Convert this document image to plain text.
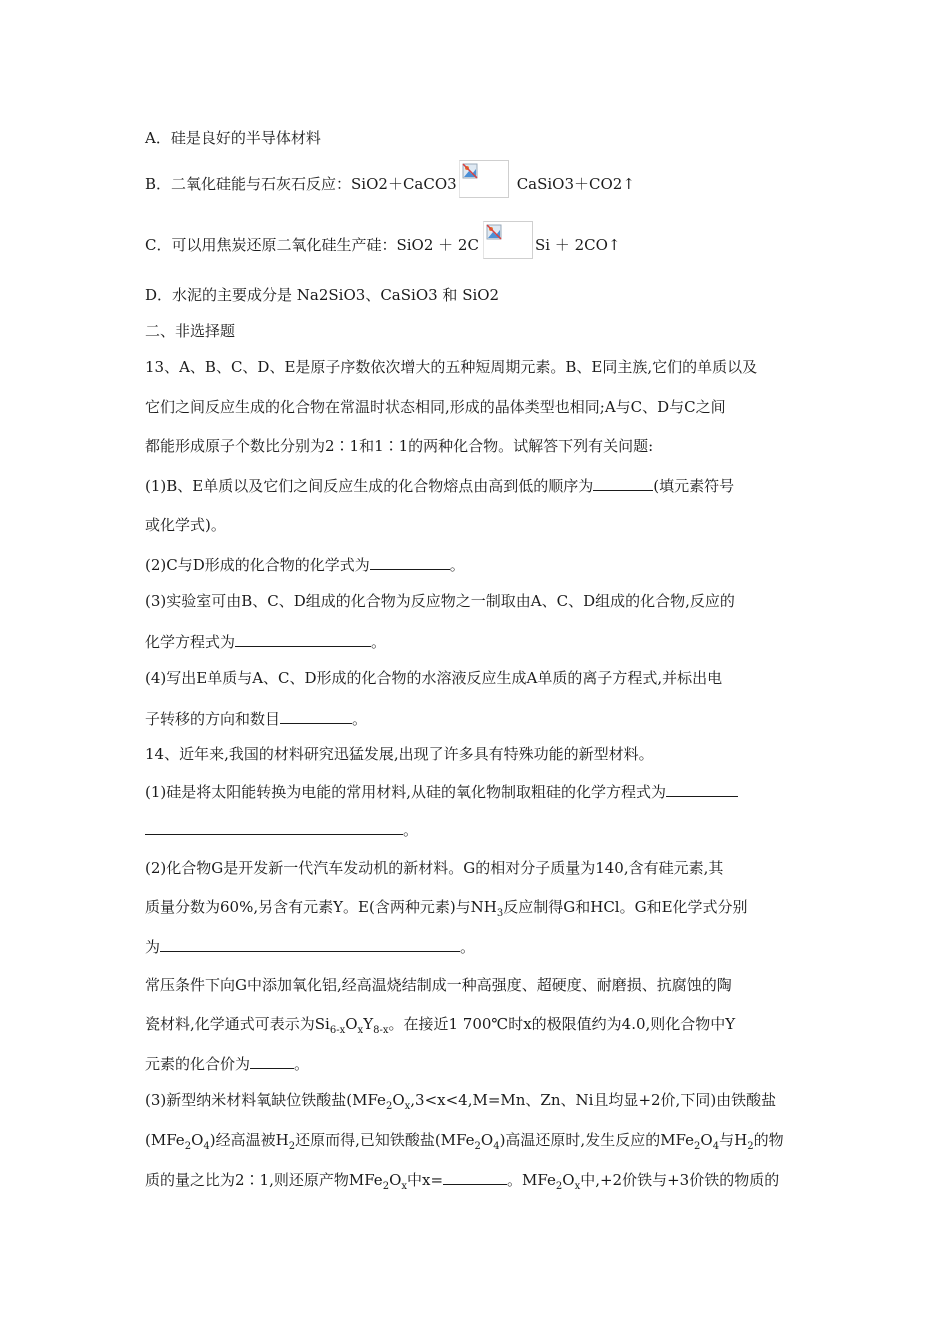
A．硅是良好的半导体材料
B．二氧化硅能与石灰石反应：SiO2＋CaCO3	CaSiO3＋CO2↑
C．可以用焦炭还原二氧化硅生产硅：SiO2 ＋ 2C	Si ＋ 2CO↑
D．水泥的主要成分是 Na2SiO3、CaSiO3 和 SiO2
二、非选择题
13、A、B、C、D、E是原子序数依次增大的五种短周期元素。B、E同主族,它们的单质以及
它们之间反应生成的化合物在常温时状态相同,形成的晶体类型也相同;A与C、D与C之间
都能形成原子个数比分别为2∶1和1∶1的两种化合物。试解答下列有关问题:
(1)B、E单质以及它们之间反应生成的化合物熔点由高到低的顺序为	(填元素符号
或化学式)。
(2)C与D形成的化合物的化学式为	。
(3)实验室可由B、C、D组成的化合物为反应物之一制取由A、C、D组成的化合物,反应的
化学方程式为	。
(4)写出E单质与A、C、D形成的化合物的水溶液反应生成A单质的离子方程式,并标出电
子转移的方向和数目	。
14、近年来,我国的材料研究迅猛发展,出现了许多具有特殊功能的新型材料。
(1)硅是将太阳能转换为电能的常用材料,从硅的氧化物制取粗硅的化学方程式为
。
(2)化合物G是开发新一代汽车发动机的新材料。G的相对分子质量为140,含有硅元素,其
质量分数为60%,另含有元素Y。E(含两种元素)与$NH_3$反应制得G和HCl。G和E化学式分别
为	。
常压条件下向G中添加氧化铝,经高温烧结制成一种高强度、超硬度、耐磨损、抗腐蚀的陶
瓷材料,化学通式可表示为$Si_{6-x}O_xY_{8-x}$。在接近1 700℃时x的极限值约为4.0,则化合物中Y
元素的化合价为	。
(3)新型纳米材料氧缺位铁酸盐($MFe_2O_x,3<x<4,M=Mn$、Zn、Ni且均显+2价,下同)由铁酸盐
$(MFe_2O_4)$经高温被$H_2$还原而得,已知铁酸盐$(MFe_2O_4)$高温还原时,发生反应的$MFe_2O_4$与$H_2$的物
质的量之比为2∶1,则还原产物$MFe_2O_x$中x=	。$MFe_2O_x$中,+2价铁与+3价铁的物质的
